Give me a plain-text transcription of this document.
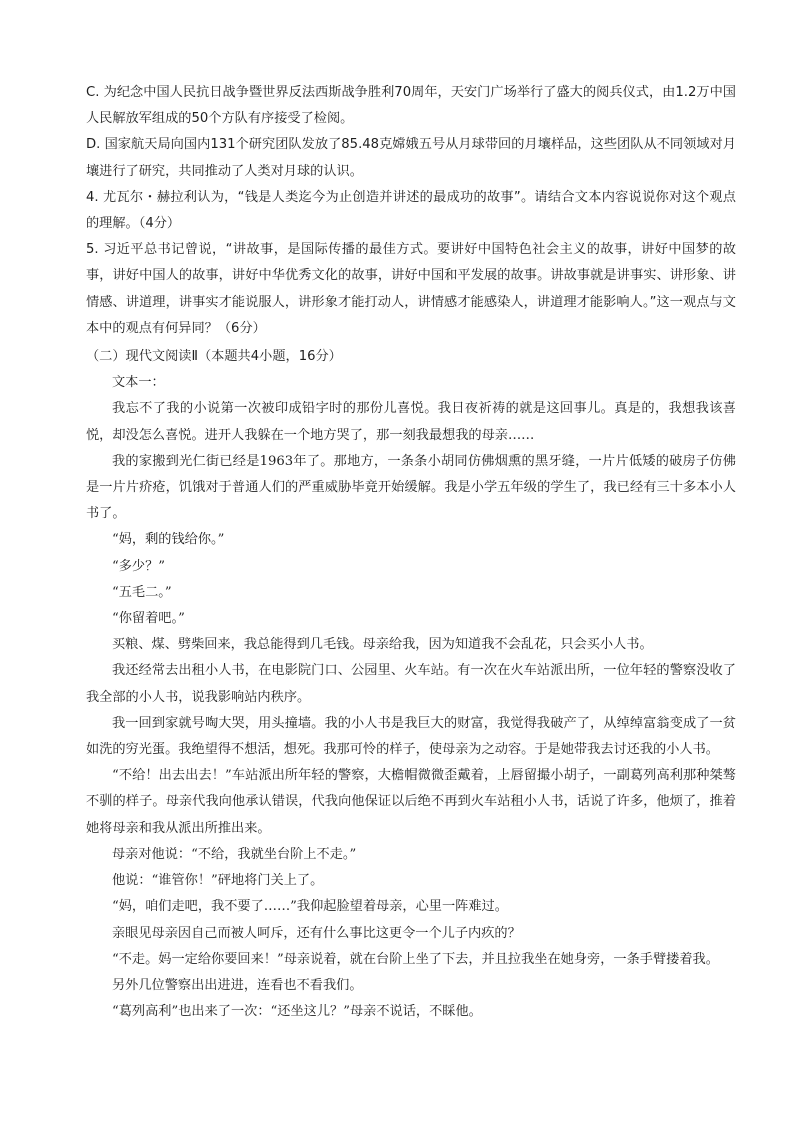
C. 为纪念中国人民抗日战争暨世界反法西斯战争胜利70周年，天安门广场举行了盛大的阅兵仪式，由1.2万中国人民解放军组成的50个方队有序接受了检阅。

D. 国家航天局向国内131个研究团队发放了85.48克嫦娥五号从月球带回的月壤样品，这些团队从不同领域对月壤进行了研究，共同推动了人类对月球的认识。

4. 尤瓦尔・赫拉利认为，“钱是人类迄今为止创造并讲述的最成功的故事”。请结合文本内容说说你对这个观点的理解。（4分）

5. 习近平总书记曾说，“讲故事，是国际传播的最佳方式。要讲好中国特色社会主义的故事，讲好中国梦的故事，讲好中国人的故事，讲好中华优秀文化的故事，讲好中国和平发展的故事。讲故事就是讲事实、讲形象、讲情感、讲道理，讲事实才能说服人，讲形象才能打动人，讲情感才能感染人，讲道理才能影响人。”这一观点与文本中的观点有何异同？（6分）

（二）现代文阅读Ⅱ（本题共4小题，16分）

文本一：

我忘不了我的小说第一次被印成铅字时的那份儿喜悦。我日夜祈祷的就是这回事儿。真是的，我想我该喜悦，却没怎么喜悦。进开人我躲在一个地方哭了，那一刻我最想我的母亲……

我的家搬到光仁街已经是1963年了。那地方，一条条小胡同仿佛烟熏的黑牙缝，一片片低矮的破房子仿佛是一片片疥疮，饥饿对于普通人们的严重威胁毕竟开始缓解。我是小学五年级的学生了，我已经有三十多本小人书了。

“妈，剩的钱给你。”

“多少？”

“五毛二。”

“你留着吧。”

买粮、煤、劈柴回来，我总能得到几毛钱。母亲给我，因为知道我不会乱花，只会买小人书。

我还经常去出租小人书，在电影院门口、公园里、火车站。有一次在火车站派出所，一位年轻的警察没收了我全部的小人书，说我影响站内秩序。

我一回到家就号啕大哭，用头撞墙。我的小人书是我巨大的财富，我觉得我破产了，从绰绰富翁变成了一贫如洗的穷光蛋。我绝望得不想活，想死。我那可怜的样子，使母亲为之动容。于是她带我去讨还我的小人书。

“不给！出去出去！”车站派出所年轻的警察，大檐帽微微歪戴着，上唇留撮小胡子，一副葛列高利那种桀骜不驯的样子。母亲代我向他承认错误，代我向他保证以后绝不再到火车站租小人书，话说了许多，他烦了，推着她将母亲和我从派出所推出来。

母亲对他说：“不给，我就坐台阶上不走。”

他说：“谁管你！”砰地将门关上了。

“妈，咱们走吧，我不要了……”我仰起脸望着母亲，心里一阵难过。

亲眼见母亲因自己而被人呵斥，还有什么事比这更令一个儿子内疚的？

“不走。妈一定给你要回来！”母亲说着，就在台阶上坐了下去，并且拉我坐在她身旁，一条手臂搂着我。

另外几位警察出出进进，连看也不看我们。

“葛列高利”也出来了一次：“还坐这儿？”母亲不说话，不睬他。
